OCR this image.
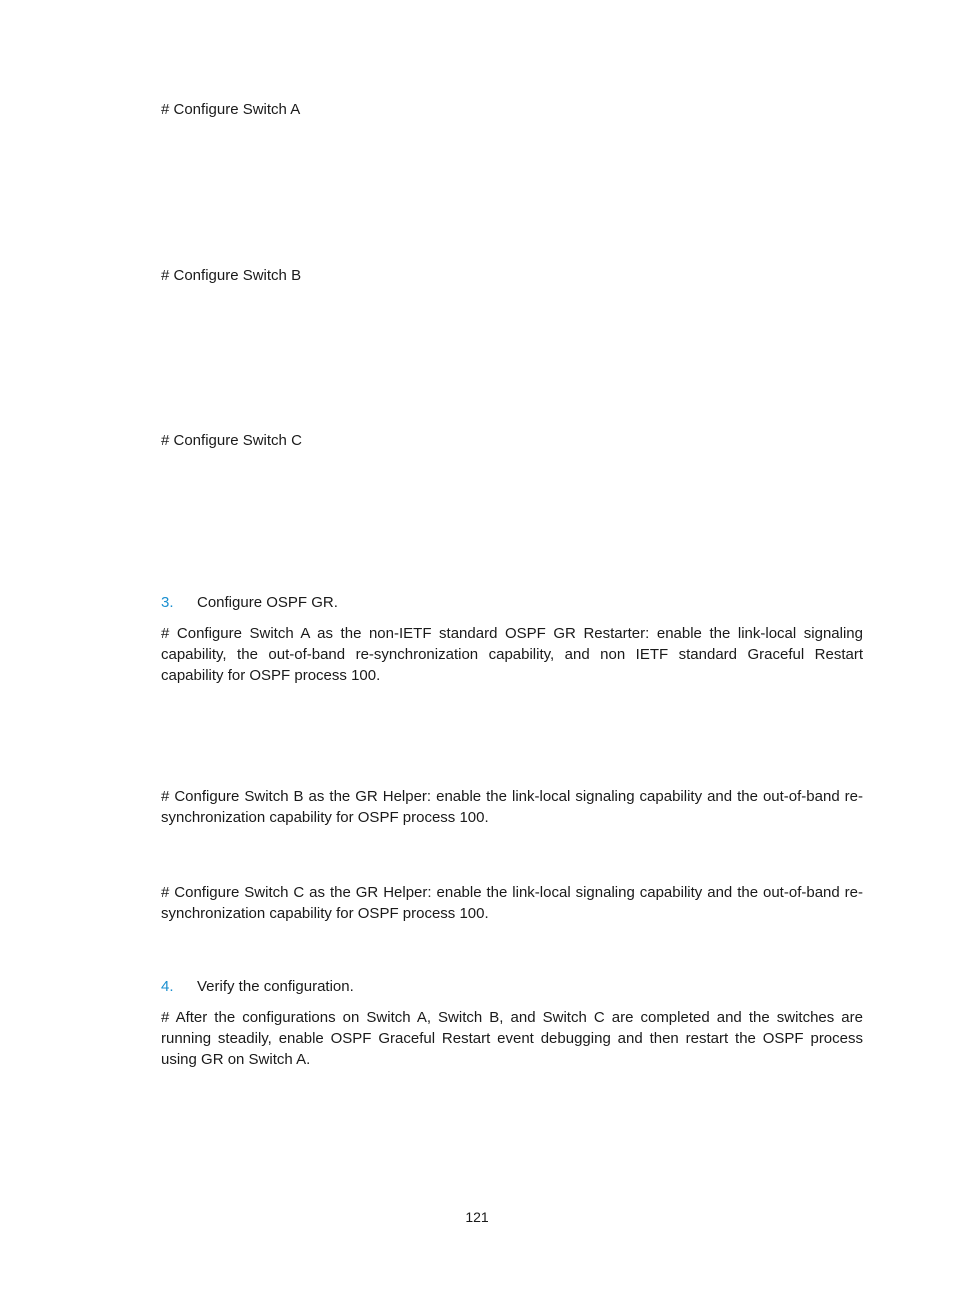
# Configure Switch A

# Configure Switch B

# Configure Switch C

3.	Configure OSPF GR.

# Configure Switch A as the non-IETF standard OSPF GR Restarter: enable the link-local signaling capability, the out-of-band re-synchronization capability, and non IETF standard Graceful Restart capability for OSPF process 100.

# Configure Switch B as the GR Helper: enable the link-local signaling capability and the out-of-band re-synchronization capability for OSPF process 100.

# Configure Switch C as the GR Helper: enable the link-local signaling capability and the out-of-band re-synchronization capability for OSPF process 100.

4.	Verify the configuration.

# After the configurations on Switch A, Switch B, and Switch C are completed and the switches are running steadily, enable OSPF Graceful Restart event debugging and then restart the OSPF process using GR on Switch A.

121
